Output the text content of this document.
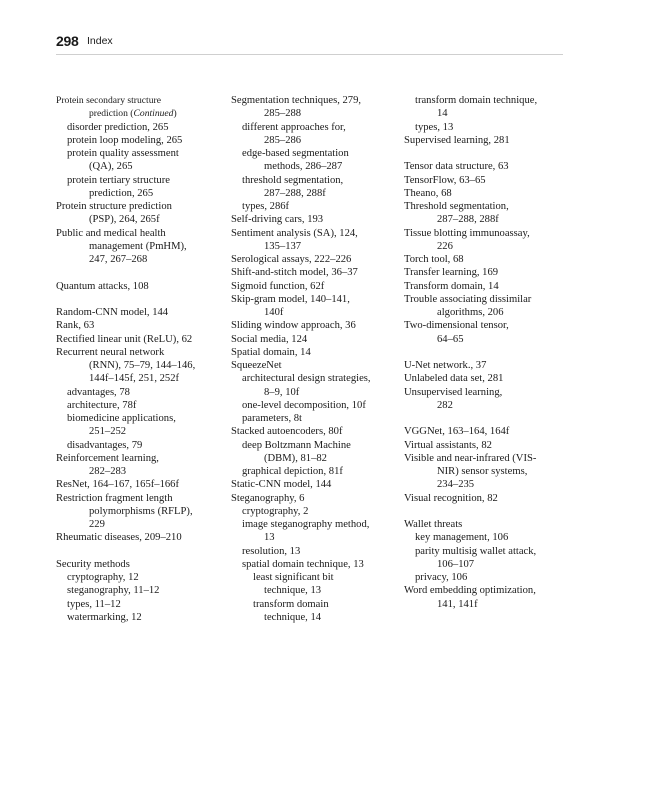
298 Index
Protein secondary structure
prediction (Continued)
disorder prediction, 265
protein loop modeling, 265
protein quality assessment
(QA), 265
protein tertiary structure
prediction, 265
Protein structure prediction
(PSP), 264, 265f
Public and medical health
management (PmHM),
247, 267–268
Quantum attacks, 108
Random-CNN model, 144
Rank, 63
Rectified linear unit (ReLU), 62
Recurrent neural network
(RNN), 75–79, 144–146,
144f–145f, 251, 252f
advantages, 78
architecture, 78f
biomedicine applications,
251–252
disadvantages, 79
Reinforcement learning,
282–283
ResNet, 164–167, 165f–166f
Restriction fragment length
polymorphisms (RFLP),
229
Rheumatic diseases, 209–210
Security methods
cryptography, 12
steganography, 11–12
types, 11–12
watermarking, 12
Segmentation techniques, 279,
285–288
different approaches for,
285–286
edge-based segmentation
methods, 286–287
threshold segmentation,
287–288, 288f
types, 286f
Self-driving cars, 193
Sentiment analysis (SA), 124,
135–137
Serological assays, 222–226
Shift-and-stitch model, 36–37
Sigmoid function, 62f
Skip-gram model, 140–141,
140f
Sliding window approach, 36
Social media, 124
Spatial domain, 14
SqueezeNet
architectural design strategies,
8–9, 10f
one-level decomposition, 10f
parameters, 8t
Stacked autoencoders, 80f
deep Boltzmann Machine
(DBM), 81–82
graphical depiction, 81f
Static-CNN model, 144
Steganography, 6
cryptography, 2
image steganography method,
13
resolution, 13
spatial domain technique, 13
least significant bit
technique, 13
transform domain
technique, 14
transform domain technique,
14
types, 13
Supervised learning, 281
Tensor data structure, 63
TensorFlow, 63–65
Theano, 68
Threshold segmentation,
287–288, 288f
Tissue blotting immunoassay,
226
Torch tool, 68
Transfer learning, 169
Transform domain, 14
Trouble associating dissimilar
algorithms, 206
Two-dimensional tensor,
64–65
U-Net network., 37
Unlabeled data set, 281
Unsupervised learning,
282
VGGNet, 163–164, 164f
Virtual assistants, 82
Visible and near-infrared (VIS-
NIR) sensor systems,
234–235
Visual recognition, 82
Wallet threats
key management, 106
parity multisig wallet attack,
106–107
privacy, 106
Word embedding optimization,
141, 141f
